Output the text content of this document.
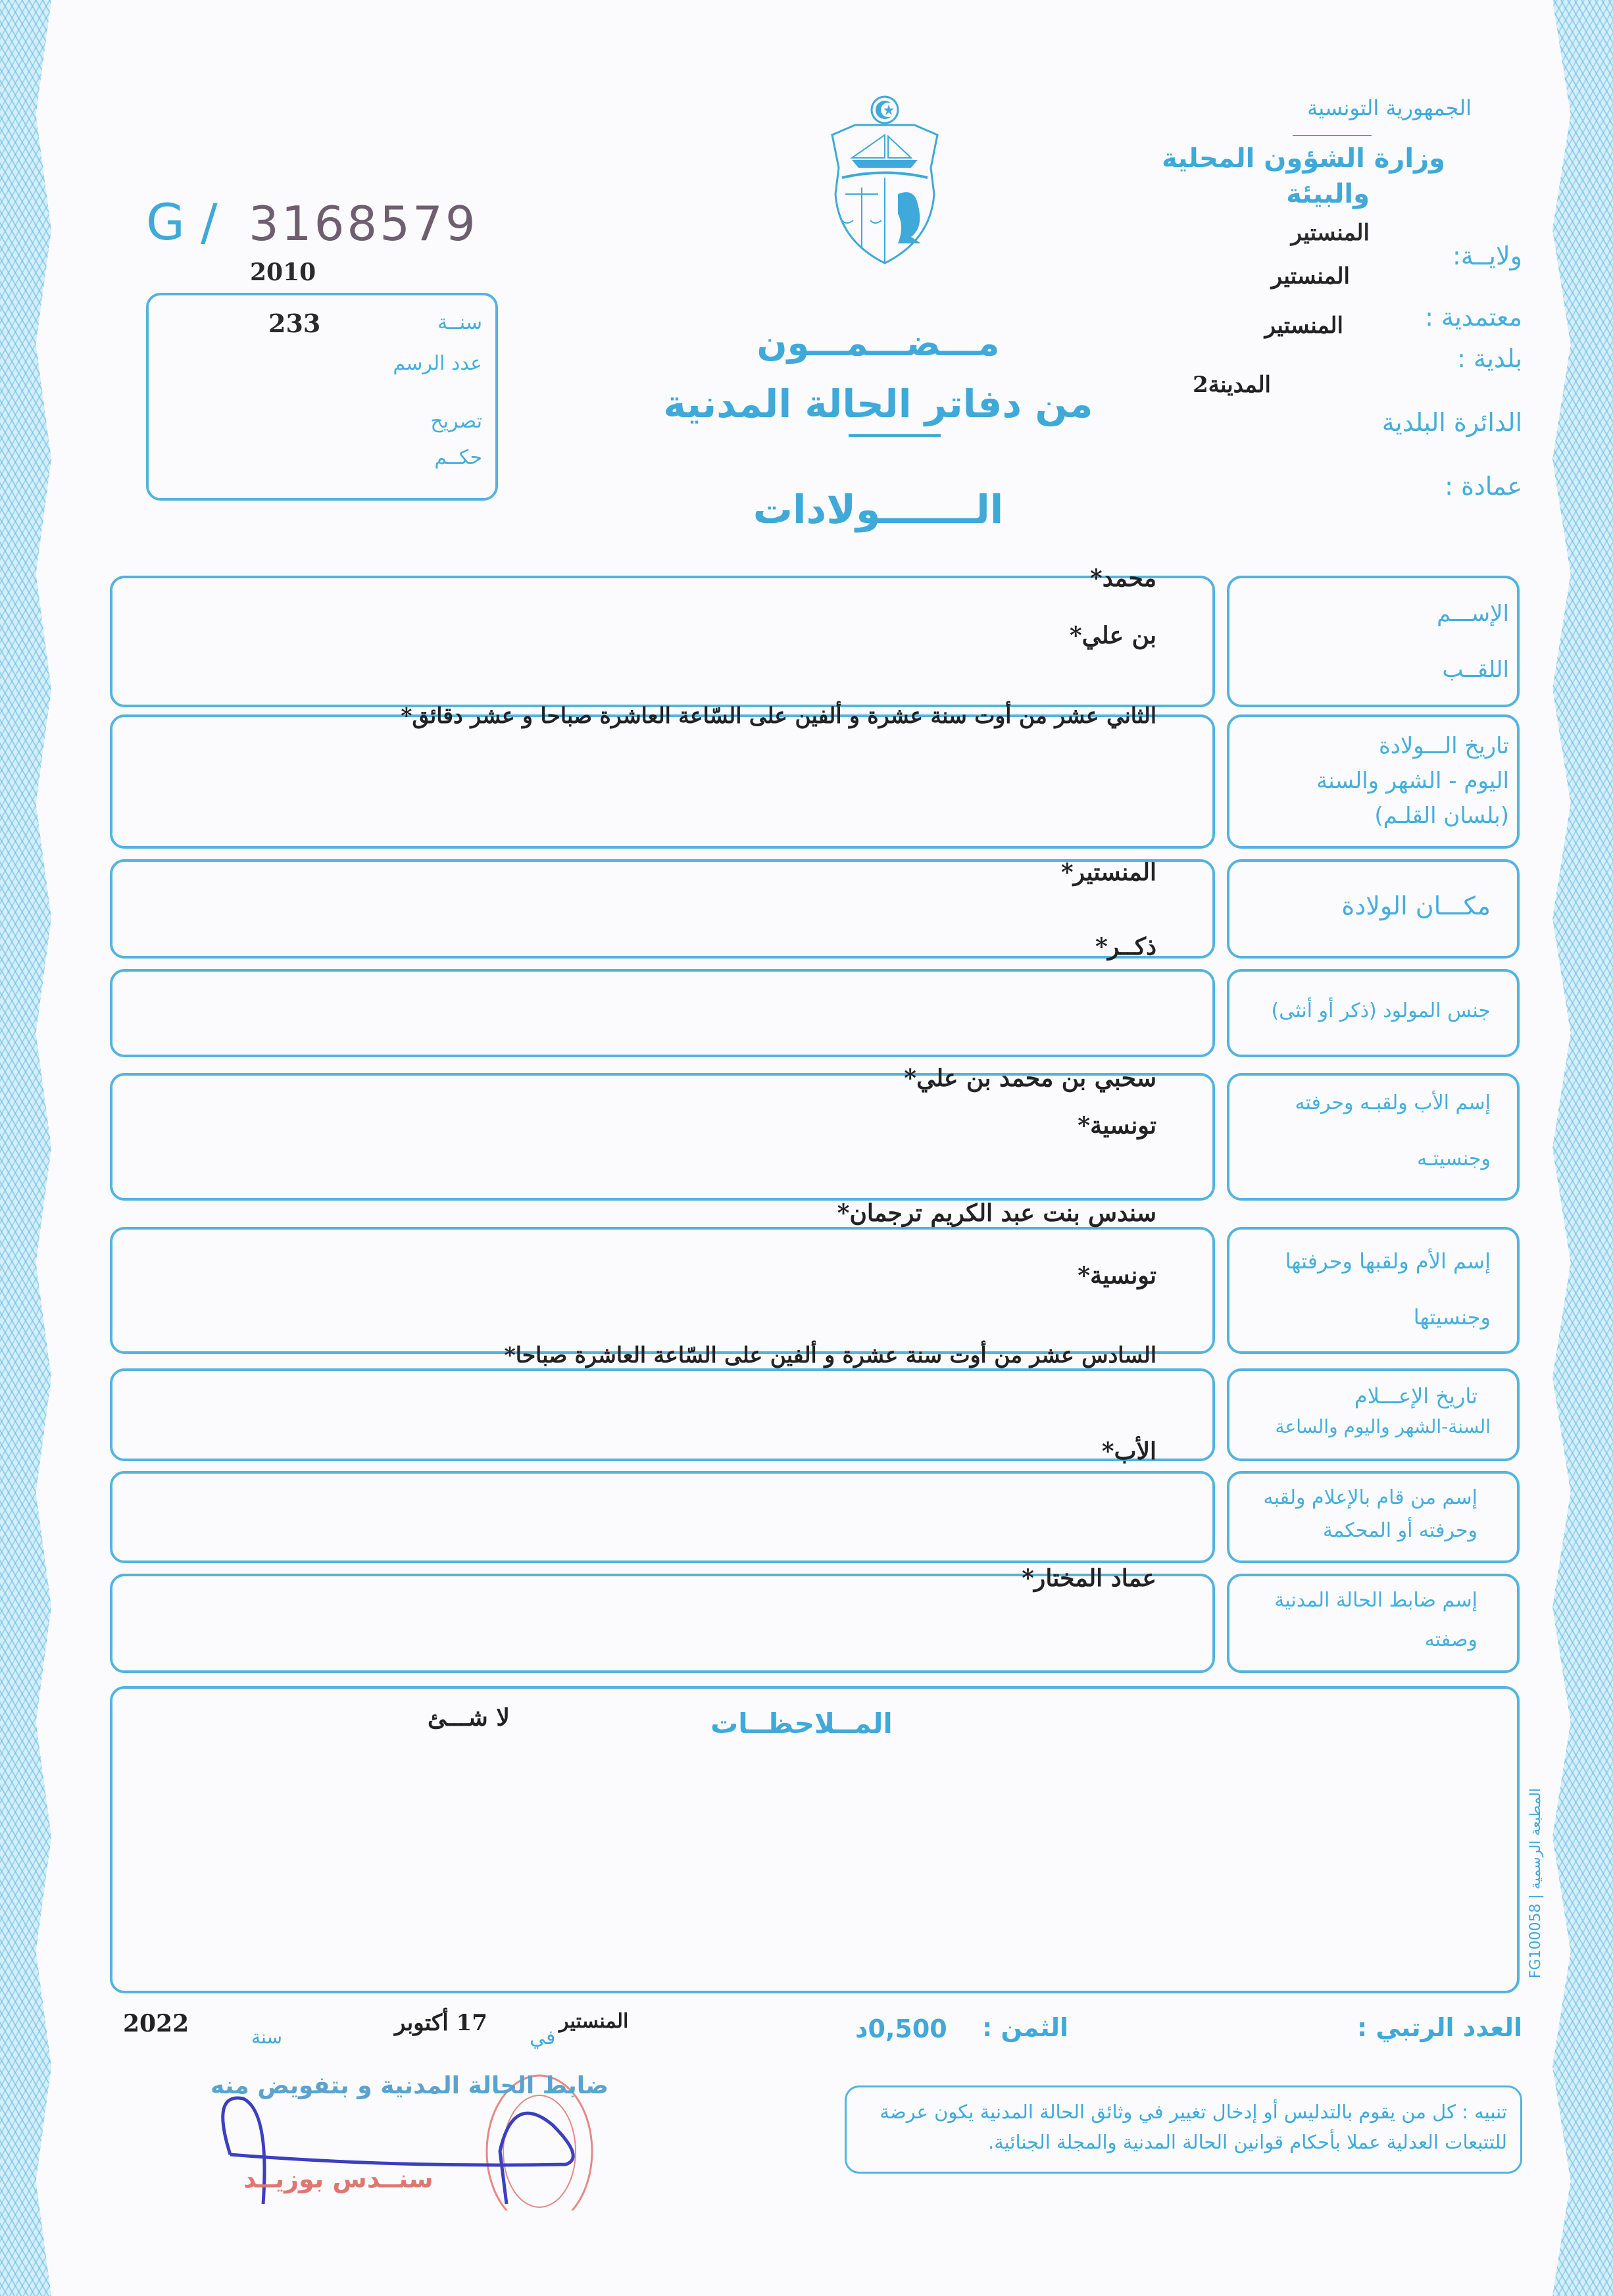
G / 3168579
2010
233	سنــة
عدد الرسم
تصريح
حكــم
مـــضـــمـــون
من دفاتر الحالة المدنية
الـــــــولادات
الجمهورية التونسية
وزارة الشؤون المحلية
والبيئة
المنستير
ولايــة:
المنستير
معتمدية :
المنستير
بلدية :
المدينة2
الدائرة البلدية
عمادة :
الإســـم
اللقــب
تاريخ الـــولادة
اليوم - الشهر والسنة
(بلسان القلـم)
مكـــان الولادة
جنس المولود (ذكر أو أنثى)
إسم الأب ولقبـه وحرفته
وجنسيتـه
إسم الأم ولقبها وحرفتها
وجنسيتها
تاريخ الإعـــلام
السنة-الشهر واليوم والساعة
إسم من قام بالإعلام ولقبه
وحرفته أو المحكمة
إسم ضابط الحالة المدنية
وصفته
محمد*
بن علي*
الثاني عشر من أوت سنة عشرة و ألفين على السّاعة العاشرة صباحا و عشر دقائق*
المنستير*
ذكــر*
سحبي بن محمد بن علي*
تونسية*
سندس بنت عبد الكريم ترجمان*
تونسية*
السادس عشر من أوت سنة عشرة و ألفين على السّاعة العاشرة صباحا*
الأب*
عماد المختار*
المــلاحظــات
لا شـــئ
المطبعة الرسمية | FG100058
العدد الرتبي :
الثمن :
0,500د
في
المنستير
17 أكتوبر
سنة
2022
ضابط الحالة المدنية و بتفويض منه
سنــدس بوزيــد
تنبيه : كل من يقوم بالتدليس أو إدخال تغيير في وثائق الحالة المدنية يكون عرضة للتتبعات العدلية عملا بأحكام قوانين الحالة المدنية والمجلة الجنائية.
